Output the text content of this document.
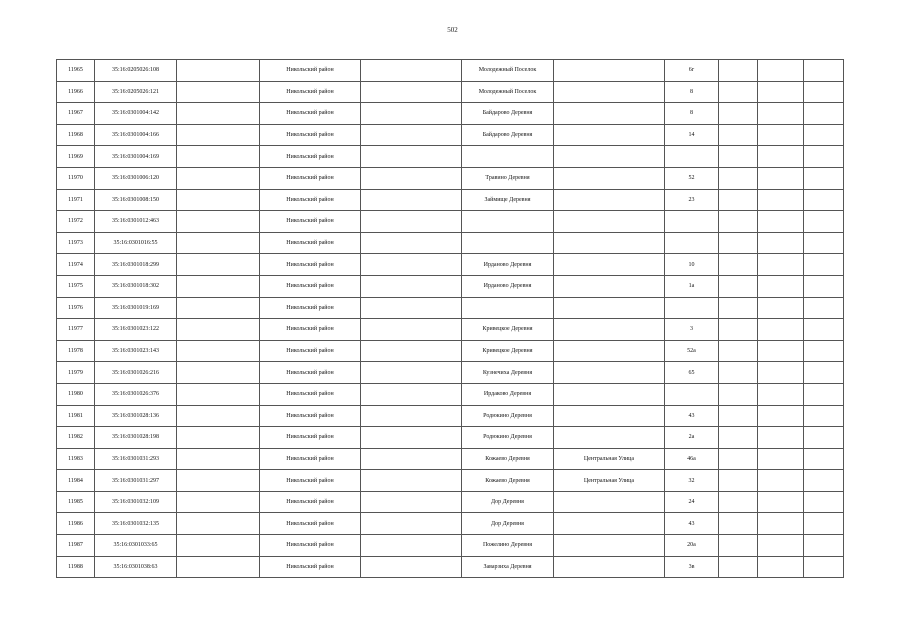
502
11965	35:16:0205026:108		Никольский район		Молодежный Поселок		6г			
11966	35:16:0205026:121		Никольский район		Молодежный Поселок		8			
11967	35:16:0301004:142		Никольский район		Байдарово Деревня		8			
11968	35:16:0301004:166		Никольский район		Байдарово Деревня		14			
11969	35:16:0301004:169		Никольский район							
11970	35:16:0301006:120		Никольский район		Травино Деревня		52			
11971	35:16:0301008:150		Никольский район		Займище Деревня		23			
11972	35:16:0301012:463		Никольский район							
11973	35:16:0301016:55		Никольский район							
11974	35:16:0301018:299		Никольский район		Ирданово Деревня		10			
11975	35:16:0301018:302		Никольский район		Ирданово Деревня		1а			
11976	35:16:0301019:169		Никольский район							
11977	35:16:0301023:122		Никольский район		Кривецкое Деревня		3			
11978	35:16:0301023:143		Никольский район		Кривецкое Деревня		52а			
11979	35:16:0301026:216		Никольский район		Кузнечиха Деревня		65			
11980	35:16:0301026:376		Никольский район		Ирдаково Деревня					
11981	35:16:0301028:136		Никольский район		Родюкино Деревня		43			
11982	35:16:0301028:198		Никольский район		Родюкино Деревня		2а			
11983	35:16:0301031:293		Никольский район		Кожаево Деревня	Центральная Улица	46а			
11984	35:16:0301031:297		Никольский район		Кожаево Деревня	Центральная Улица	32			
11985	35:16:0301032:109		Никольский район		Дор Деревня		24			
11986	35:16:0301032:135		Никольский район		Дор Деревня		43			
11987	35:16:0301033:65		Никольский район		Пожелино Деревня		20а			
11988	35:16:0301038:63		Никольский район		Заварзиха Деревня		3в			
